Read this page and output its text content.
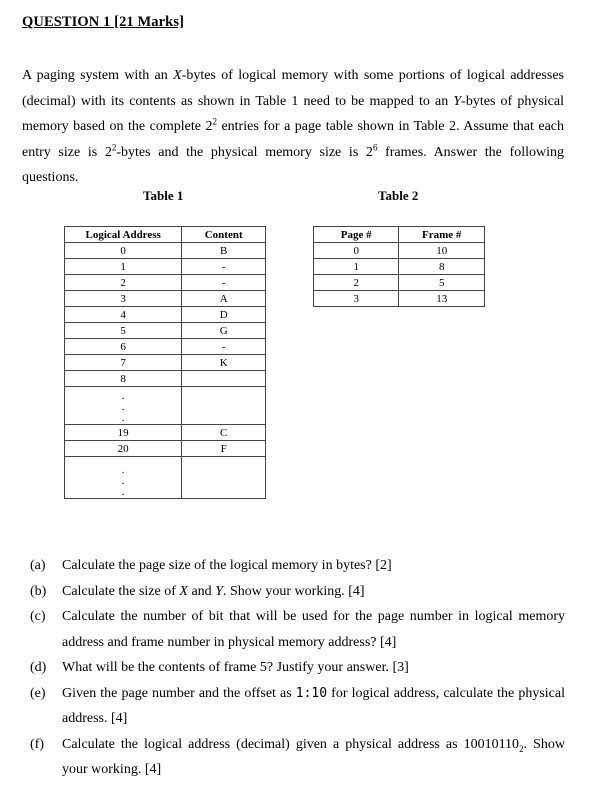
QUESTION 1 [21 Marks]

A paging system with an X-bytes of logical memory with some portions of logical addresses (decimal) with its contents as shown in Table 1 need to be mapped to an Y-bytes of physical memory based on the complete $2^2$ entries for a page table shown in Table 2. Assume that each entry size is $2^2$-bytes and the physical memory size is $2^6$ frames. Answer the following questions.

Table 1	Table 2
Logical Address	Content
0	B
1	-
2	-
3	A
4	D
5	G
6	-
7	K
8	

.
.
.	

19	C
20	F

.
.
.	

Page #	Frame #
0	10
1	8
2	5
3	13

(a) Calculate the page size of the logical memory in bytes? [2]

(b) Calculate the size of X and Y. Show your working. [4]

(c) Calculate the number of bit that will be used for the page number in logical memory address and frame number in physical memory address? [4]

(d) What will be the contents of frame 5? Justify your answer. [3]

(e) Given the page number and the offset as 1:10 for logical address, calculate the physical address. [4]

(f) Calculate the logical address (decimal) given a physical address as $10010110_2$. Show your working. [4]
